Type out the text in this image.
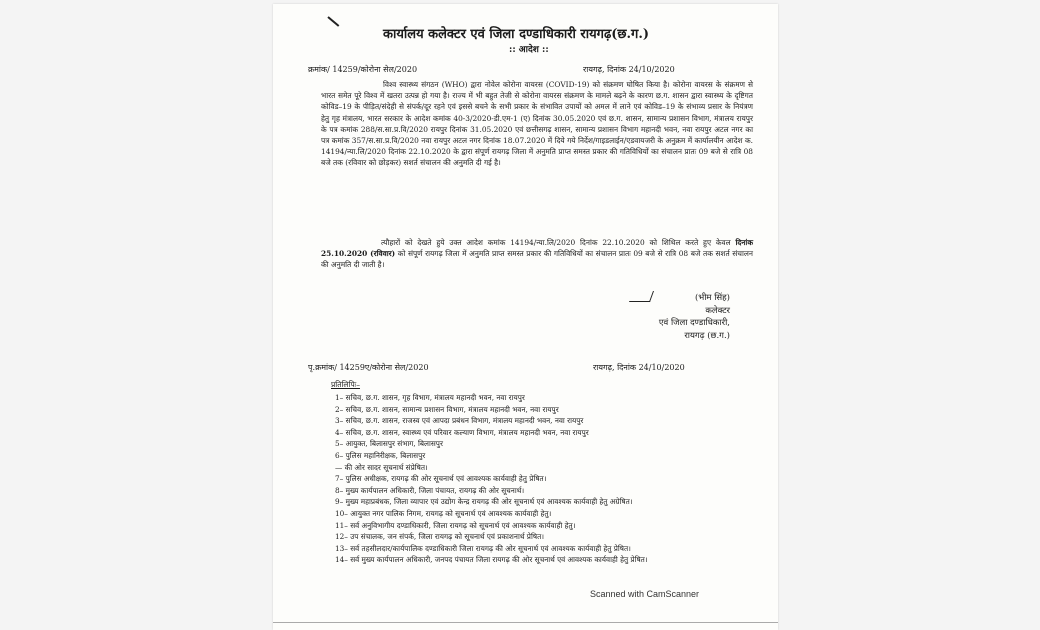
कार्यालय कलेक्टर एवं जिला दण्डाधिकारी रायगढ़(छ.ग.)
:: आदेश ::
क्रमांक/ 14259/कोरोना सेल/2020	रायगढ़, दिनांक 24/10/2020

विश्व स्वास्थ्य संगठन (WHO) द्वारा नोवेल कोरोना वायरस (COVID-19) को संक्रमण घोषित किया है। कोरोना वायरस के संक्रमण से भारत समेत पूरे विश्व में खतरा उत्पन्न हो गया है। राज्य में भी बहुत तेजी से कोरोना वायरस संक्रमण के मामले बढ़ने के कारण छ.ग. शासन द्वारा स्वास्थ्य के दृष्टिगत कोविड–19 के पीड़ित/संदेही से संपर्क/दूर रहने एवं इससे बचने के सभी प्रकार के संभावित उपायों को अमल में लाने एवं कोविड–19 के संभाव्य प्रसार के नियंत्रण हेतु गृह मंत्रालय, भारत सरकार के आदेश कमांक 40-3/2020-डी.एम-1 (ए) दिनांक 30.05.2020 एवं छ.ग. शासन, सामान्य प्रशासन विभाग, मंत्रालय रायपुर के पत्र कमांक 288/स.सा.प्र.वि/2020 रायपुर दिनांक 31.05.2020 एवं छत्तीसगढ़ शासन, सामान्य प्रशासन विभाग महानदी भवन, नवा रायपुर अटल नगर का पत्र कमांक 357/स.सा.प्र.वि/2020 नवा रायपुर अटल नगर दिनांक 18.07.2020 में दिये गये निर्देश/गाइडलाईन/एडवायजरी के अनुक्रम में कार्यालयीन आदेश क. 14194/न्या.लि/2020 दिनांक 22.10.2020 के द्वारा संपूर्ण रायगढ़ जिला में अनुमति प्राप्त समस्त प्रकार की गतिविधियों का संचालन प्रातः 09 बजे से रात्रि 08 बजे तक (रविवार को छोड़कर) सशर्त संचालन की अनुमति दी गई है।

त्यौहारों को देखते हुये उक्त आदेश कमांक 14194/न्या.लि/2020 दिनांक 22.10.2020 को शिथिल करते हुए केवल दिनांक 25.10.2020 (रविवार) को संपूर्ण रायगढ़ जिला में अनुमति प्राप्त समस्त प्रकार की गतिविधियों का संचालन प्रातः 09 बजे से रात्रि 08 बजे तक सशर्त संचालन की अनुमति दी जाती है।

(भीम सिंह)
कलेक्टर
एवं जिला दण्डाधिकारी,
रायगढ़ (छ.ग.)
पृ.क्रमांक/ 14259ए/कोरोना सेल/2020	रायगढ़, दिनांक 24/10/2020
प्रतिलिपिः–
1– सचिव, छ.ग. शासन, गृह विभाग, मंत्रालय महानदी भवन, नवा रायपुर
2– सचिव, छ.ग. शासन, सामान्य प्रशासन विभाग, मंत्रालय महानदी भवन, नवा रायपुर
3– सचिव, छ.ग. शासन, राजस्व एवं आपदा प्रबंधन विभाग, मंत्रालय महानदी भवन, नवा रायपुर
4– सचिव, छ.ग. शासन, स्वास्थ्य एवं परिवार कल्याण विभाग, मंत्रालय महानदी भवन, नवा रायपुर
5– आयुक्त, बिलासपुर संभाग, बिलासपुर
6– पुलिस महानिरीक्षक, बिलासपुर
— की ओर सादर सूचनार्थ संप्रेषित।
7– पुलिस अधीक्षक, रायगढ़ की ओर सूचनार्थ एवं आवश्यक कार्यवाही हेतु प्रेषित।
8– मुख्य कार्यपालन अधिकारी, जिला पंचायत, रायगढ़ की ओर सूचनार्थ।
9– मुख्य महाप्रबंधक, जिला व्यापार एवं उद्योग केन्द्र रायगढ़ की ओर सूचनार्थ एवं आवश्यक कार्यवाही हेतु अग्रेषित।
10– आयुक्त नगर पालिक निगम, रायगढ़ को सूचनार्थ एवं आवश्यक कार्यवाही हेतु।
11– सर्व अनुविभागीय दण्डाधिकारी, जिला रायगढ़ को सूचनार्थ एवं आवश्यक कार्यवाही हेतु।
12– उप संचालक, जन संपर्क, जिला रायगढ़ को सूचनार्थ एवं प्रकाशनार्थ प्रेषित।
13– सर्व तहसीलदार/कार्यपालिक दण्डाधिकारी जिला रायगढ़ की ओर सूचनार्थ एवं आवश्यक कार्यवाही हेतु प्रेषित।
14– सर्व मुख्य कार्यपालन अधिकारी, जनपद पंचायत जिला रायगढ़ की ओर सूचनार्थ एवं आवश्यक कार्यवाही हेतु प्रेषित।
Scanned with CamScanner
